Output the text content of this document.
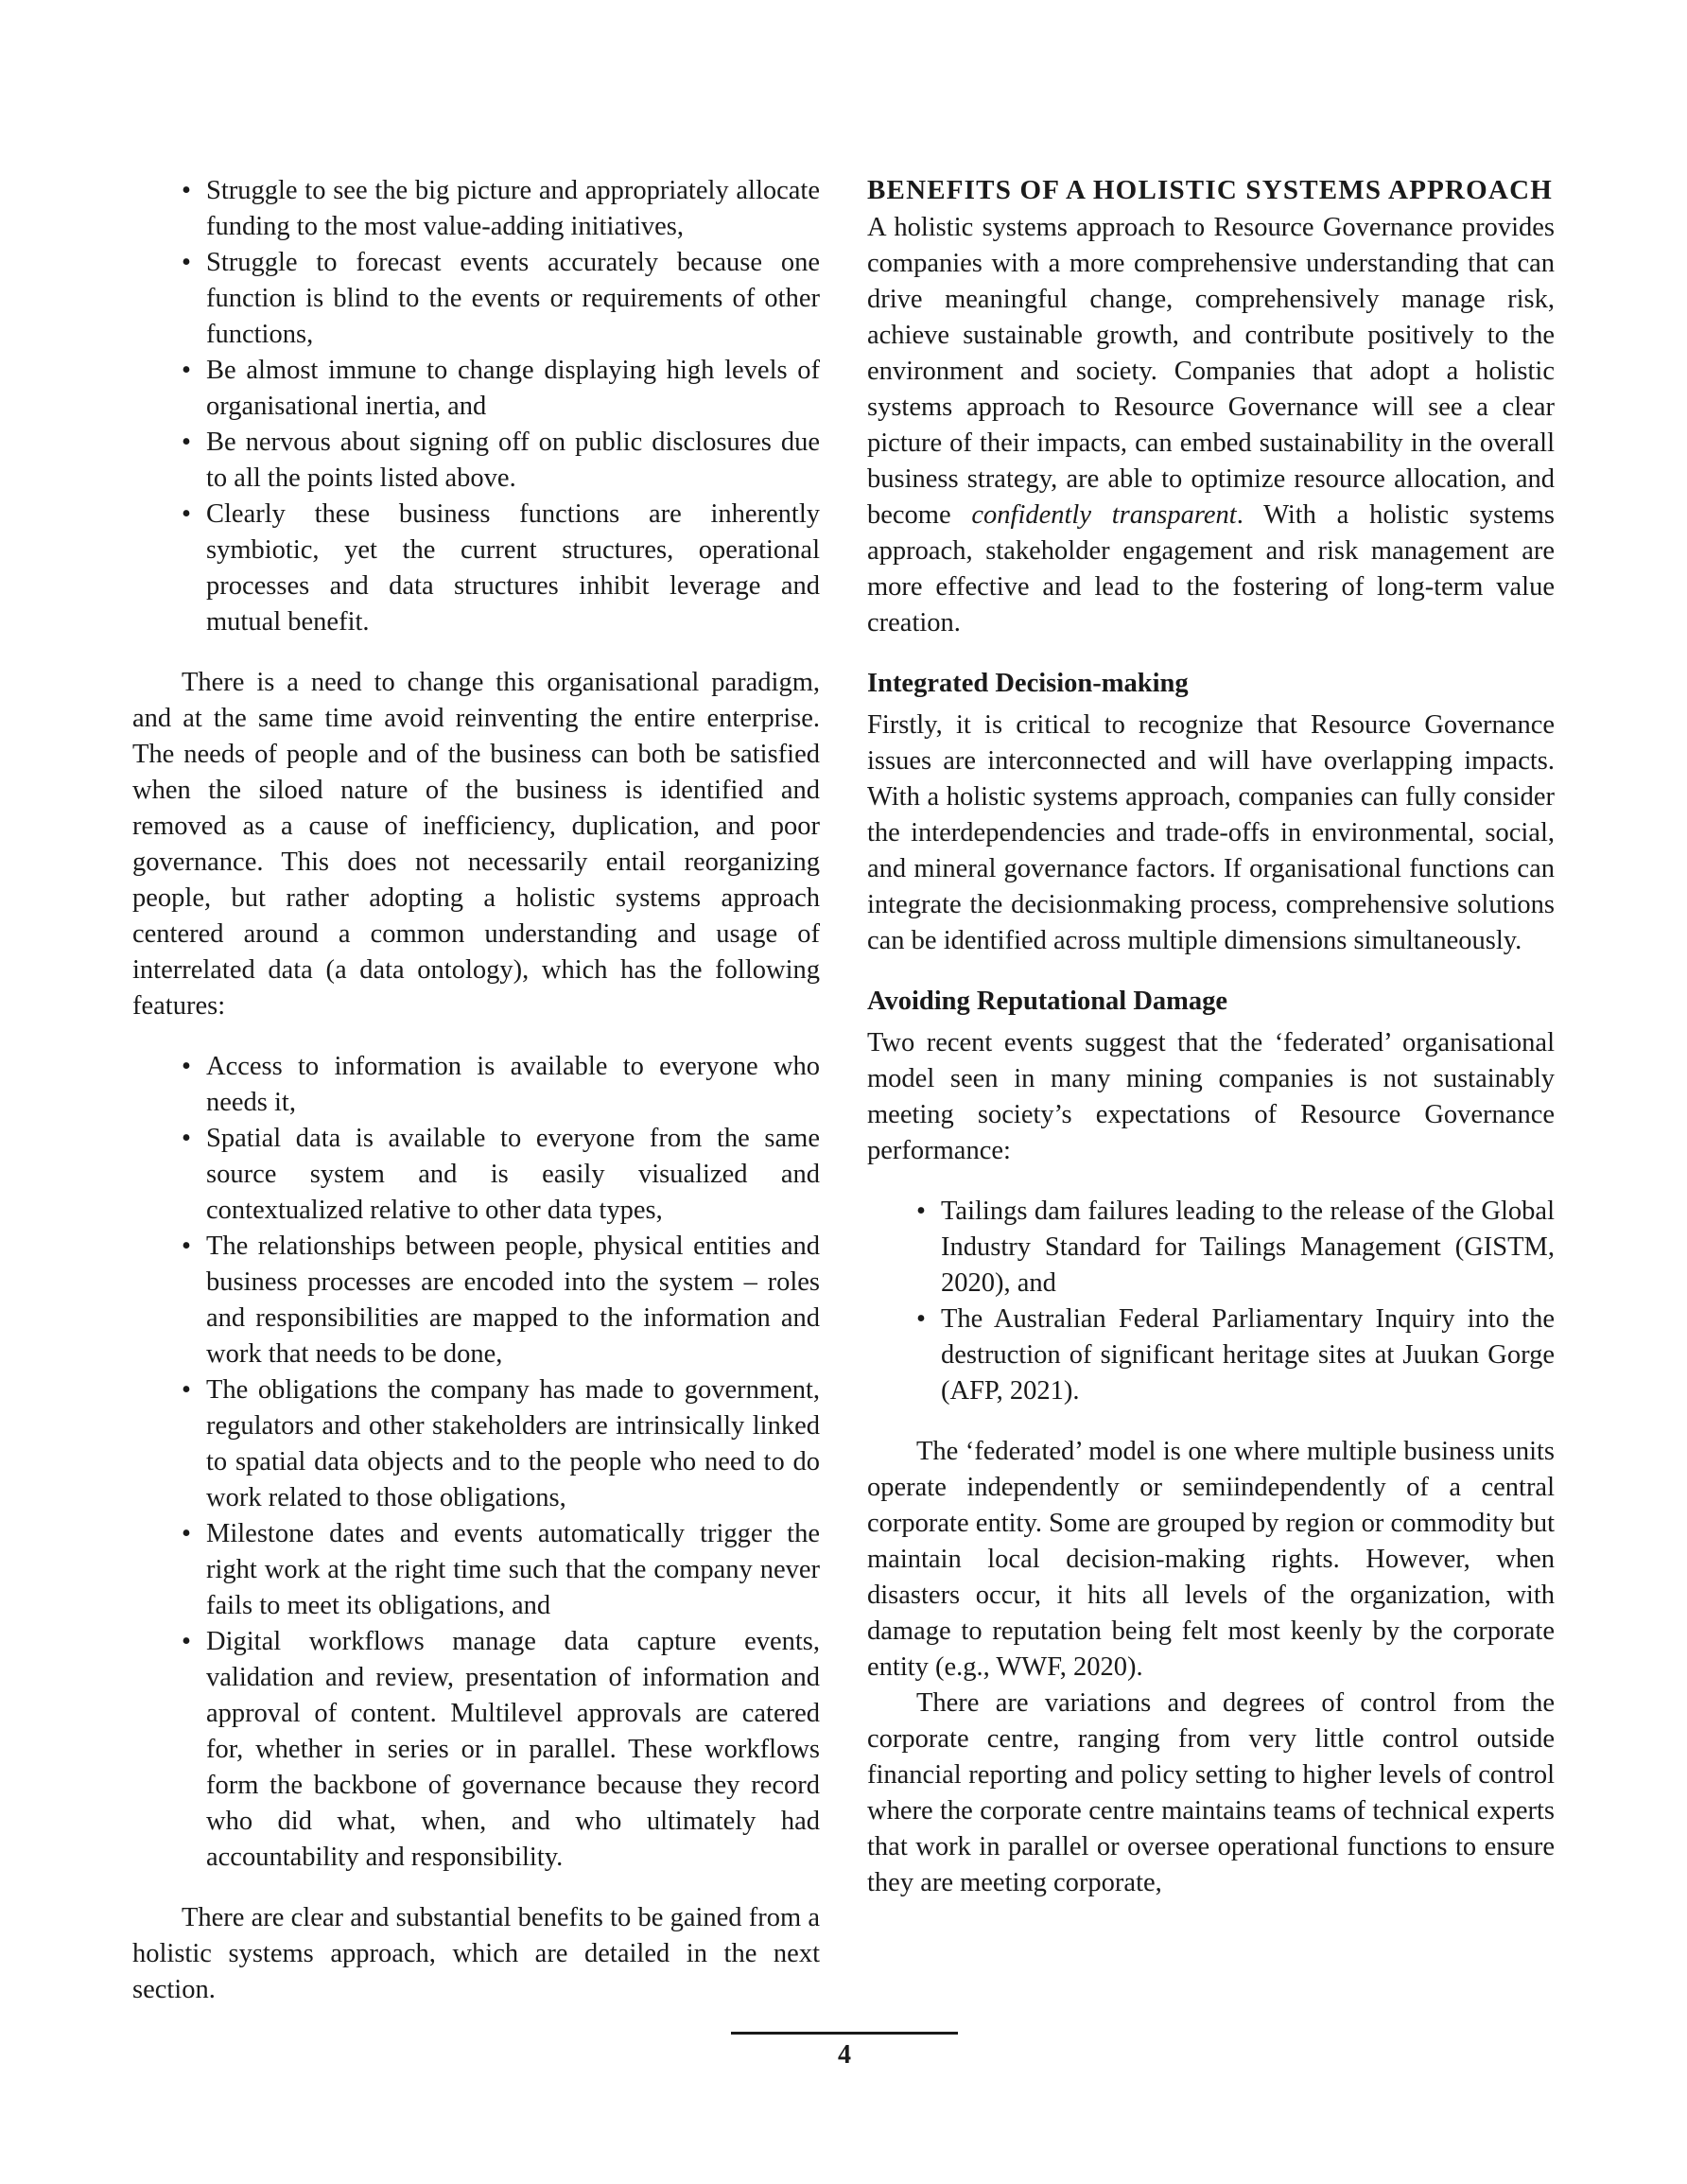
• Struggle to see the big picture and appropriately allocate funding to the most value-adding initiatives,
• Struggle to forecast events accurately because one function is blind to the events or requirements of other functions,
• Be almost immune to change displaying high levels of organisational inertia, and
• Be nervous about signing off on public disclosures due to all the points listed above.
• Clearly these business functions are inherently symbiotic, yet the current structures, operational processes and data structures inhibit leverage and mutual benefit.

There is a need to change this organisational paradigm, and at the same time avoid reinventing the entire enterprise. The needs of people and of the business can both be satisfied when the siloed nature of the business is identified and removed as a cause of inefficiency, duplication, and poor governance. This does not necessarily entail reorganizing people, but rather adopting a holistic systems approach centered around a common understanding and usage of interrelated data (a data ontology), which has the following features:

• Access to information is available to everyone who needs it,
• Spatial data is available to everyone from the same source system and is easily visualized and contextualized relative to other data types,
• The relationships between people, physical entities and business processes are encoded into the system – roles and responsibilities are mapped to the information and work that needs to be done,
• The obligations the company has made to government, regulators and other stakeholders are intrinsically linked to spatial data objects and to the people who need to do work related to those obligations,
• Milestone dates and events automatically trigger the right work at the right time such that the company never fails to meet its obligations, and
• Digital workflows manage data capture events, validation and review, presentation of information and approval of content. Multilevel approvals are catered for, whether in series or in parallel. These workflows form the backbone of governance because they record who did what, when, and who ultimately had accountability and responsibility.

There are clear and substantial benefits to be gained from a holistic systems approach, which are detailed in the next section.

BENEFITS OF A HOLISTIC SYSTEMS APPROACH

A holistic systems approach to Resource Governance provides companies with a more comprehensive understanding that can drive meaningful change, comprehensively manage risk, achieve sustainable growth, and contribute positively to the environment and society. Companies that adopt a holistic systems approach to Resource Governance will see a clear picture of their impacts, can embed sustainability in the overall business strategy, are able to optimize resource allocation, and become confidently transparent. With a holistic systems approach, stakeholder engagement and risk management are more effective and lead to the fostering of long-term value creation.

Integrated Decision-making

Firstly, it is critical to recognize that Resource Governance issues are interconnected and will have overlapping impacts. With a holistic systems approach, companies can fully consider the interdependencies and trade-offs in environmental, social, and mineral governance factors. If organisational functions can integrate the decisionmaking process, comprehensive solutions can be identified across multiple dimensions simultaneously.

Avoiding Reputational Damage

Two recent events suggest that the ‘federated’ organisational model seen in many mining companies is not sustainably meeting society’s expectations of Resource Governance performance:

• Tailings dam failures leading to the release of the Global Industry Standard for Tailings Management (GISTM, 2020), and
• The Australian Federal Parliamentary Inquiry into the destruction of significant heritage sites at Juukan Gorge (AFP, 2021).

The ‘federated’ model is one where multiple business units operate independently or semiindependently of a central corporate entity. Some are grouped by region or commodity but maintain local decision-making rights. However, when disasters occur, it hits all levels of the organization, with damage to reputation being felt most keenly by the corporate entity (e.g., WWF, 2020).

There are variations and degrees of control from the corporate centre, ranging from very little control outside financial reporting and policy setting to higher levels of control where the corporate centre maintains teams of technical experts that work in parallel or oversee operational functions to ensure they are meeting corporate,

4
